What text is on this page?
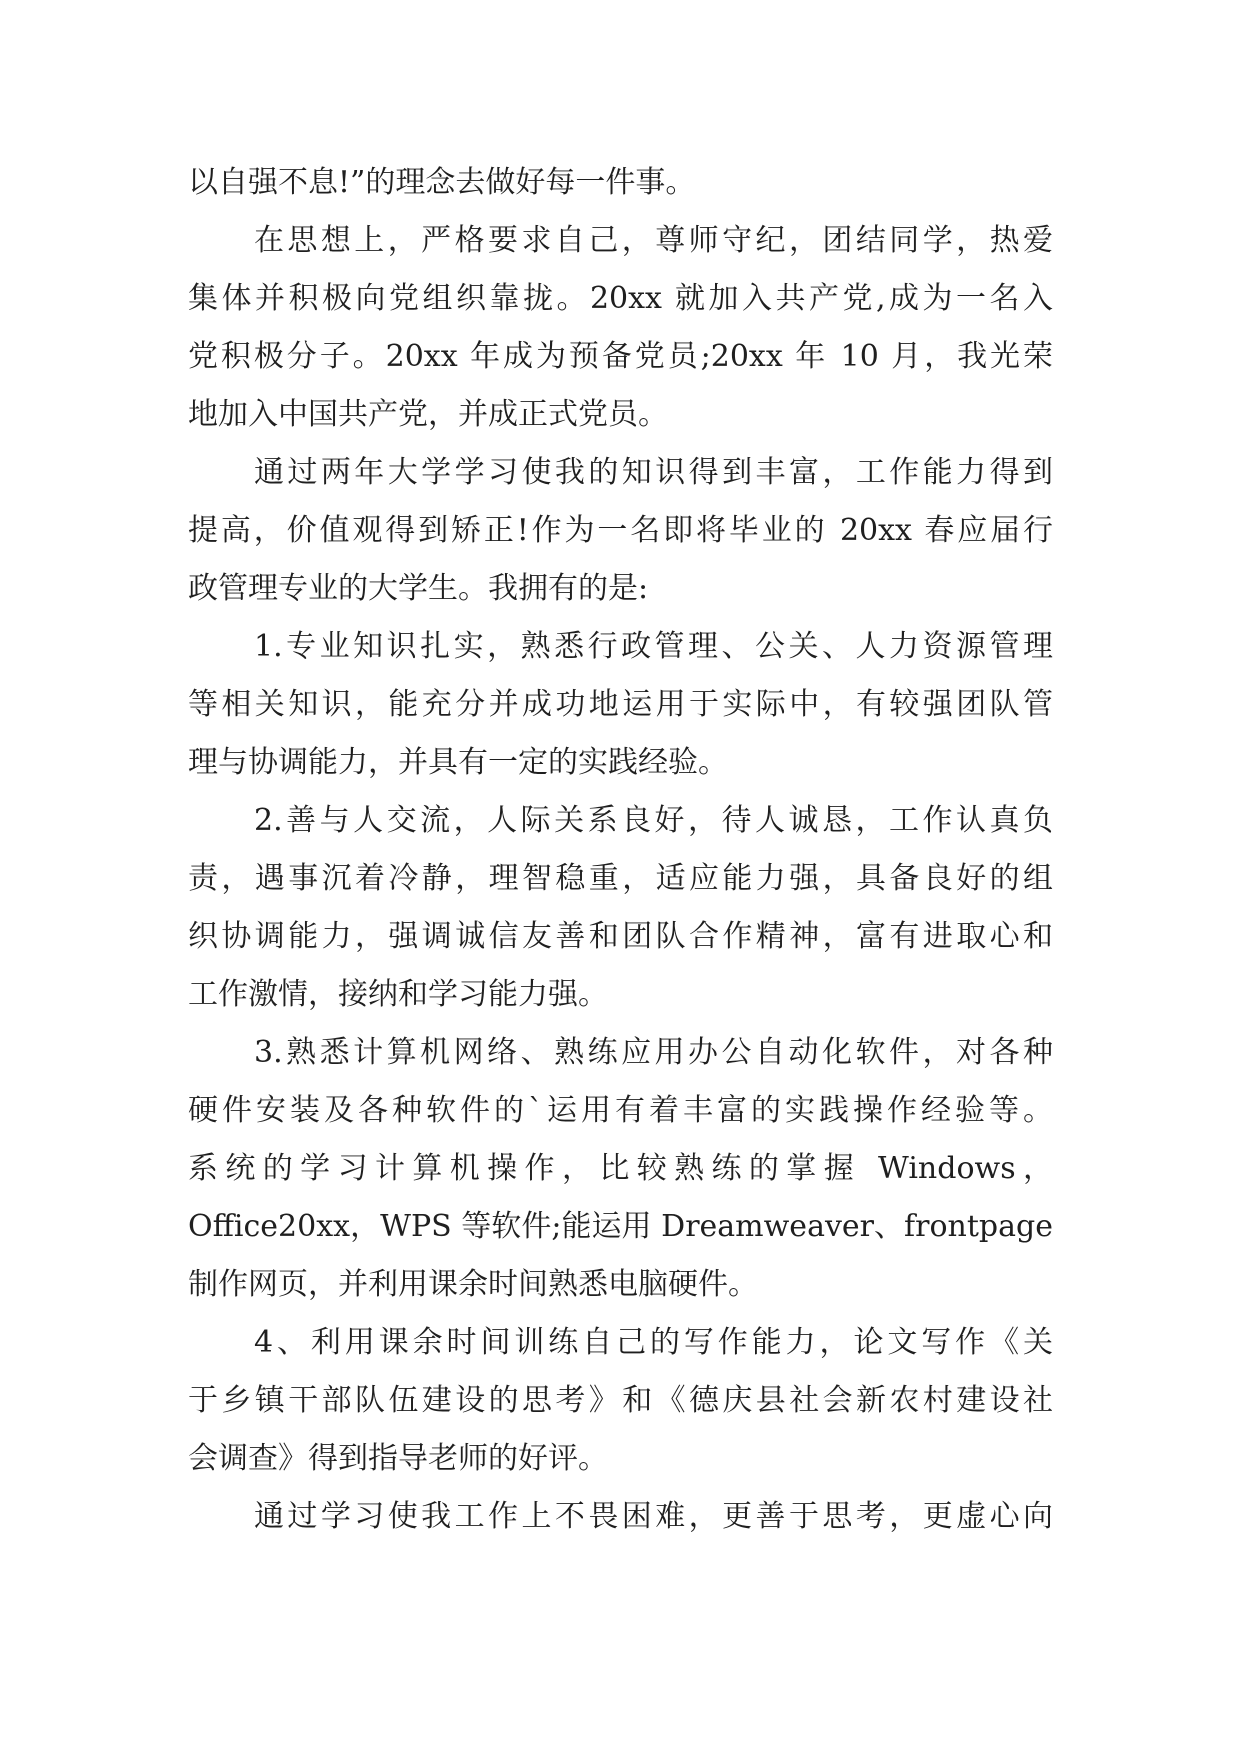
以自强不息!”的理念去做好每一件事。
在思想上，严格要求自己，尊师守纪，团结同学，热爱
集体并积极向党组织靠拢。20xx 就加入共产党,成为一名入
党积极分子。20xx 年成为预备党员;20xx 年 10 月，我光荣
地加入中国共产党，并成正式党员。
通过两年大学学习使我的知识得到丰富，工作能力得到
提高，价值观得到矫正!作为一名即将毕业的 20xx 春应届行
政管理专业的大学生。我拥有的是:
1.专业知识扎实，熟悉行政管理、公关、人力资源管理
等相关知识，能充分并成功地运用于实际中，有较强团队管
理与协调能力，并具有一定的实践经验。
2.善与人交流，人际关系良好，待人诚恳，工作认真负
责，遇事沉着冷静，理智稳重，适应能力强，具备良好的组
织协调能力，强调诚信友善和团队合作精神，富有进取心和
工作激情，接纳和学习能力强。
3.熟悉计算机网络、熟练应用办公自动化软件，对各种
硬件安装及各种软件的`运用有着丰富的实践操作经验等。
系统的学习计算机操作，比较熟练的掌握 Windows，
Office20xx，WPS 等软件;能运用 Dreamweaver、frontpage
制作网页，并利用课余时间熟悉电脑硬件。
4、利用课余时间训练自己的写作能力，论文写作《关
于乡镇干部队伍建设的思考》和《德庆县社会新农村建设社
会调查》得到指导老师的好评。
通过学习使我工作上不畏困难，更善于思考，更虚心向
